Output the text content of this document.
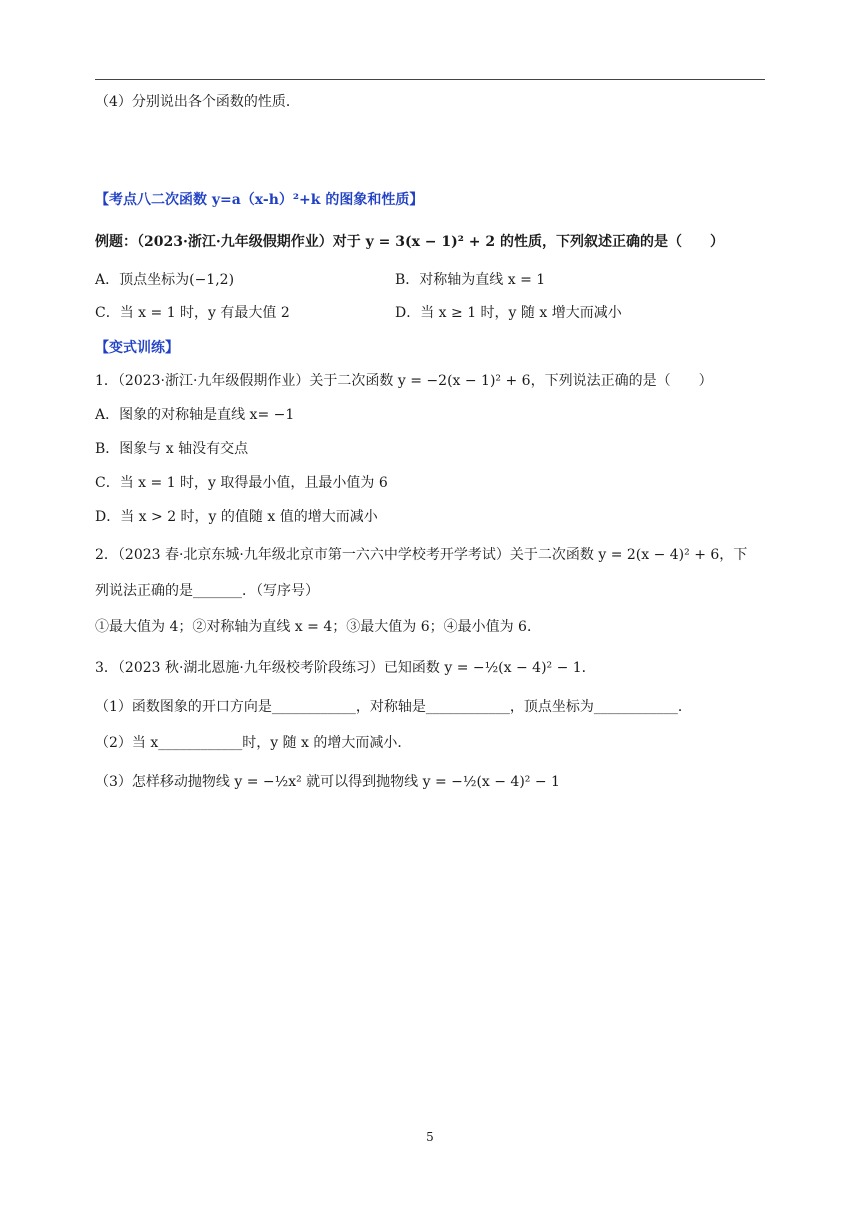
（4）分别说出各个函数的性质．
【考点八二次函数 y=a（x-h）²+k 的图象和性质】
例题：（2023·浙江·九年级假期作业）对于 y = 3(x − 1)² + 2 的性质，下列叙述正确的是（　　）
A．顶点坐标为(−1,2)	B．对称轴为直线 x = 1
C．当 x = 1 时，y 有最大值 2	D．当 x ≥ 1 时，y 随 x 增大而减小
【变式训练】
1．（2023·浙江·九年级假期作业）关于二次函数 y = −2(x − 1)² + 6，下列说法正确的是（　　）
A．图象的对称轴是直线 x= −1
B．图象与 x 轴没有交点
C．当 x = 1 时，y 取得最小值，且最小值为 6
D．当 x > 2 时，y 的值随 x 值的增大而减小
2．（2023 春·北京东城·九年级北京市第一六六中学校考开学考试）关于二次函数 y = 2(x − 4)² + 6，下
列说法正确的是_______．（写序号）
①最大值为 4；②对称轴为直线 x = 4；③最大值为 6；④最小值为 6．
3．（2023 秋·湖北恩施·九年级校考阶段练习）已知函数 y = −½(x − 4)² − 1．
（1）函数图象的开口方向是____________，对称轴是____________，顶点坐标为____________．
（2）当 x____________时，y 随 x 的增大而减小．
（3）怎样移动抛物线 y = −½x² 就可以得到抛物线 y = −½(x − 4)² − 1
5
